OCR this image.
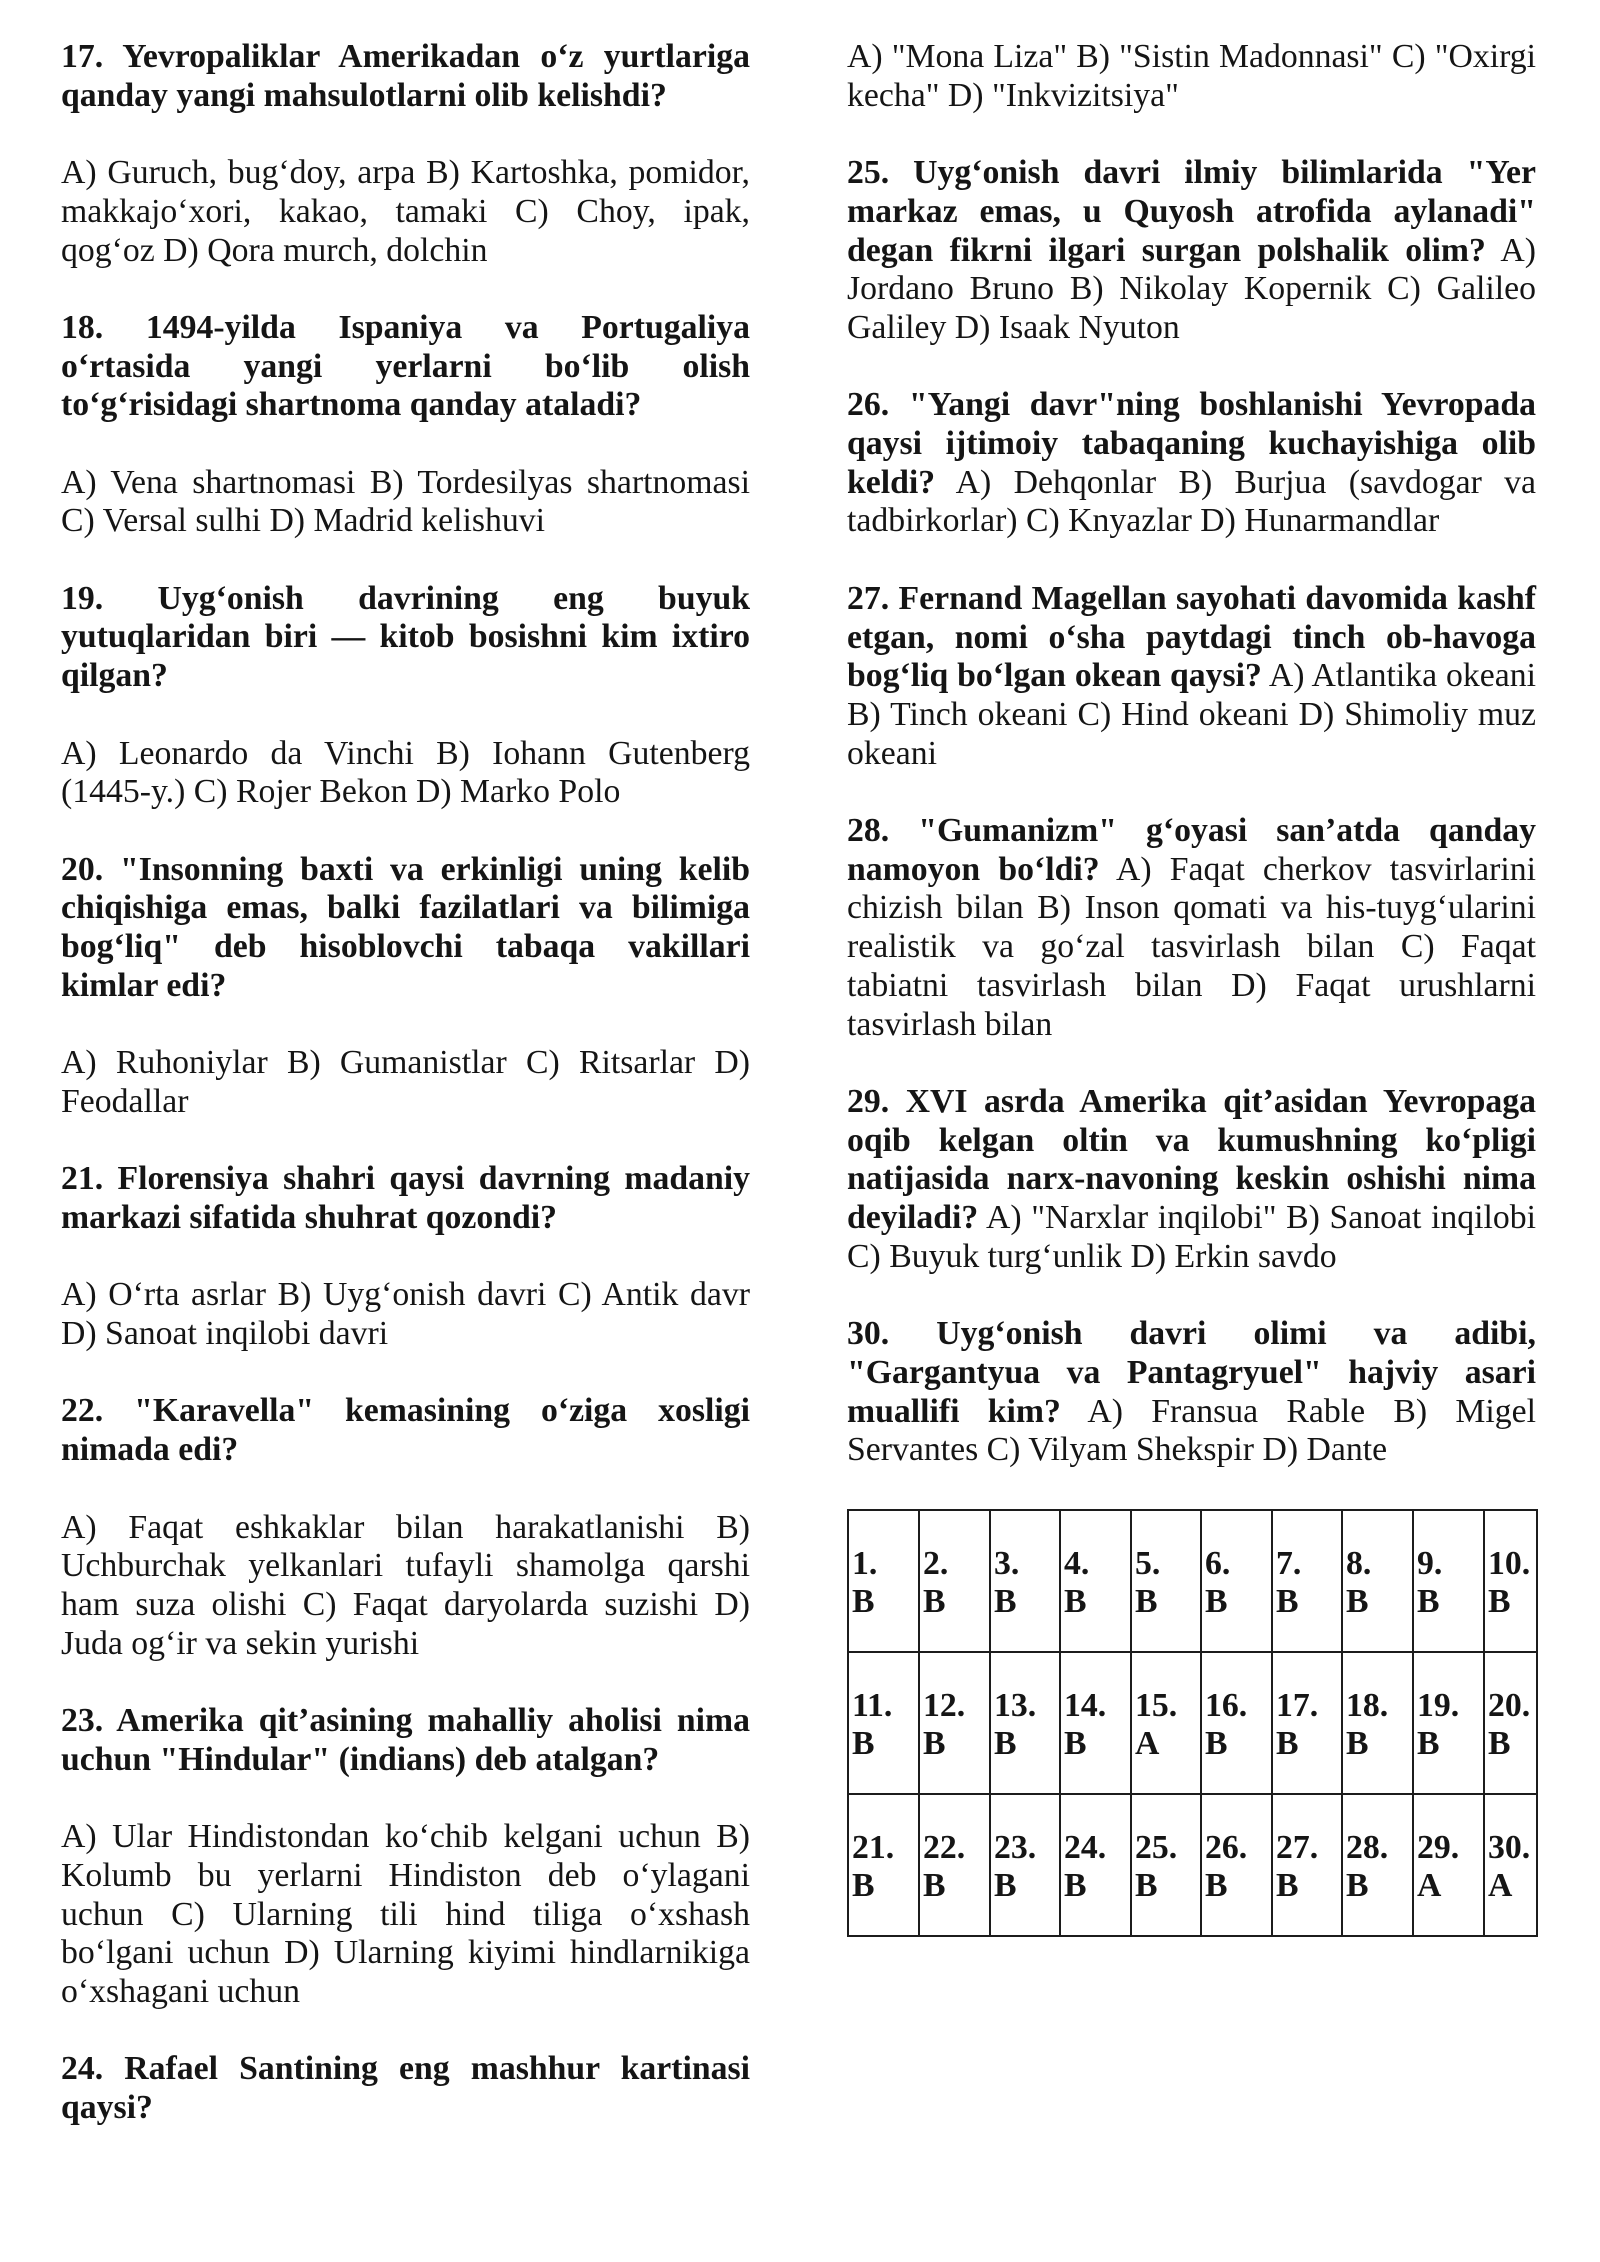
17. Yevropaliklar Amerikadan o‘z yurtlariga qanday yangi mahsulotlarni olib kelishdi?

A) Guruch, bug‘doy, arpa B) Kartoshka, pomidor, makkajo‘xori, kakao, tamaki C) Choy, ipak, qog‘oz D) Qora murch, dolchin

18. 1494-yilda Ispaniya va Portugaliya o‘rtasida yangi yerlarni bo‘lib olish to‘g‘risidagi shartnoma qanday ataladi?

A) Vena shartnomasi B) Tordesilyas shartnomasi C) Versal sulhi D) Madrid kelishuvi

19. Uyg‘onish davrining eng buyuk yutuqlaridan biri — kitob bosishni kim ixtiro qilgan?

A) Leonardo da Vinchi B) Iohann Gutenberg (1445-y.) C) Rojer Bekon D) Marko Polo

20. "Insonning baxti va erkinligi uning kelib chiqishiga emas, balki fazilatlari va bilimiga bog‘liq" deb hisoblovchi tabaqa vakillari kimlar edi?

A) Ruhoniylar B) Gumanistlar C) Ritsarlar D) Feodallar

21. Florensiya shahri qaysi davrning madaniy markazi sifatida shuhrat qozondi?

A) O‘rta asrlar B) Uyg‘onish davri C) Antik davr D) Sanoat inqilobi davri

22. "Karavella" kemasining o‘ziga xosligi nimada edi?

A) Faqat eshkaklar bilan harakatlanishi B) Uchburchak yelkanlari tufayli shamolga qarshi ham suza olishi C) Faqat daryolarda suzishi D) Juda og‘ir va sekin yurishi

23. Amerika qit’asining mahalliy aholisi nima uchun "Hindular" (indians) deb atalgan?

A) Ular Hindistondan ko‘chib kelgani uchun B) Kolumb bu yerlarni Hindiston deb o‘ylagani uchun C) Ularning tili hind tiliga o‘xshash bo‘lgani uchun D) Ularning kiyimi hindlarnikiga o‘xshagani uchun

24. Rafael Santining eng mashhur kartinasi qaysi?

A) "Mona Liza" B) "Sistin Madonnasi" C) "Oxirgi kecha" D) "Inkvizitsiya"

25. Uyg‘onish davri ilmiy bilimlarida "Yer markaz emas, u Quyosh atrofida aylanadi" degan fikrni ilgari surgan polshalik olim? A) Jordano Bruno B) Nikolay Kopernik C) Galileo Galiley D) Isaak Nyuton

26. "Yangi davr"ning boshlanishi Yevropada qaysi ijtimoiy tabaqaning kuchayishiga olib keldi? A) Dehqonlar B) Burjua (savdogar va tadbirkorlar) C) Knyazlar D) Hunarmandlar

27. Fernand Magellan sayohati davomida kashf etgan, nomi o‘sha paytdagi tinch ob-havoga bog‘liq bo‘lgan okean qaysi? A) Atlantika okeani B) Tinch okeani C) Hind okeani D) Shimoliy muz okeani

28. "Gumanizm" g‘oyasi san’atda qanday namoyon bo‘ldi? A) Faqat cherkov tasvirlarini chizish bilan B) Inson qomati va his-tuyg‘ularini realistik va go‘zal tasvirlash bilan C) Faqat tabiatni tasvirlash bilan D) Faqat urushlarni tasvirlash bilan

29. XVI asrda Amerika qit’asidan Yevropaga oqib kelgan oltin va kumushning ko‘pligi natijasida narx-navoning keskin oshishi nima deyiladi? A) "Narxlar inqilobi" B) Sanoat inqilobi C) Buyuk turg‘unlik D) Erkin savdo

30. Uyg‘onish davri olimi va adibi, "Gargantyua va Pantagryuel" hajviy asari muallifi kim? A) Fransua Rable B) Migel Servantes C) Vilyam Shekspir D) Dante

1.
B	2.
B	3.
B	4.
B	5.
B	6.
B	7.
B	8.
B	9.
B	10.
B

11.
B	12.
B	13.
B	14.
B	15.
A	16.
B	17.
B	18.
B	19.
B	20.
B

21.
B	22.
B	23.
B	24.
B	25.
B	26.
B	27.
B	28.
B	29.
A	30.
A
